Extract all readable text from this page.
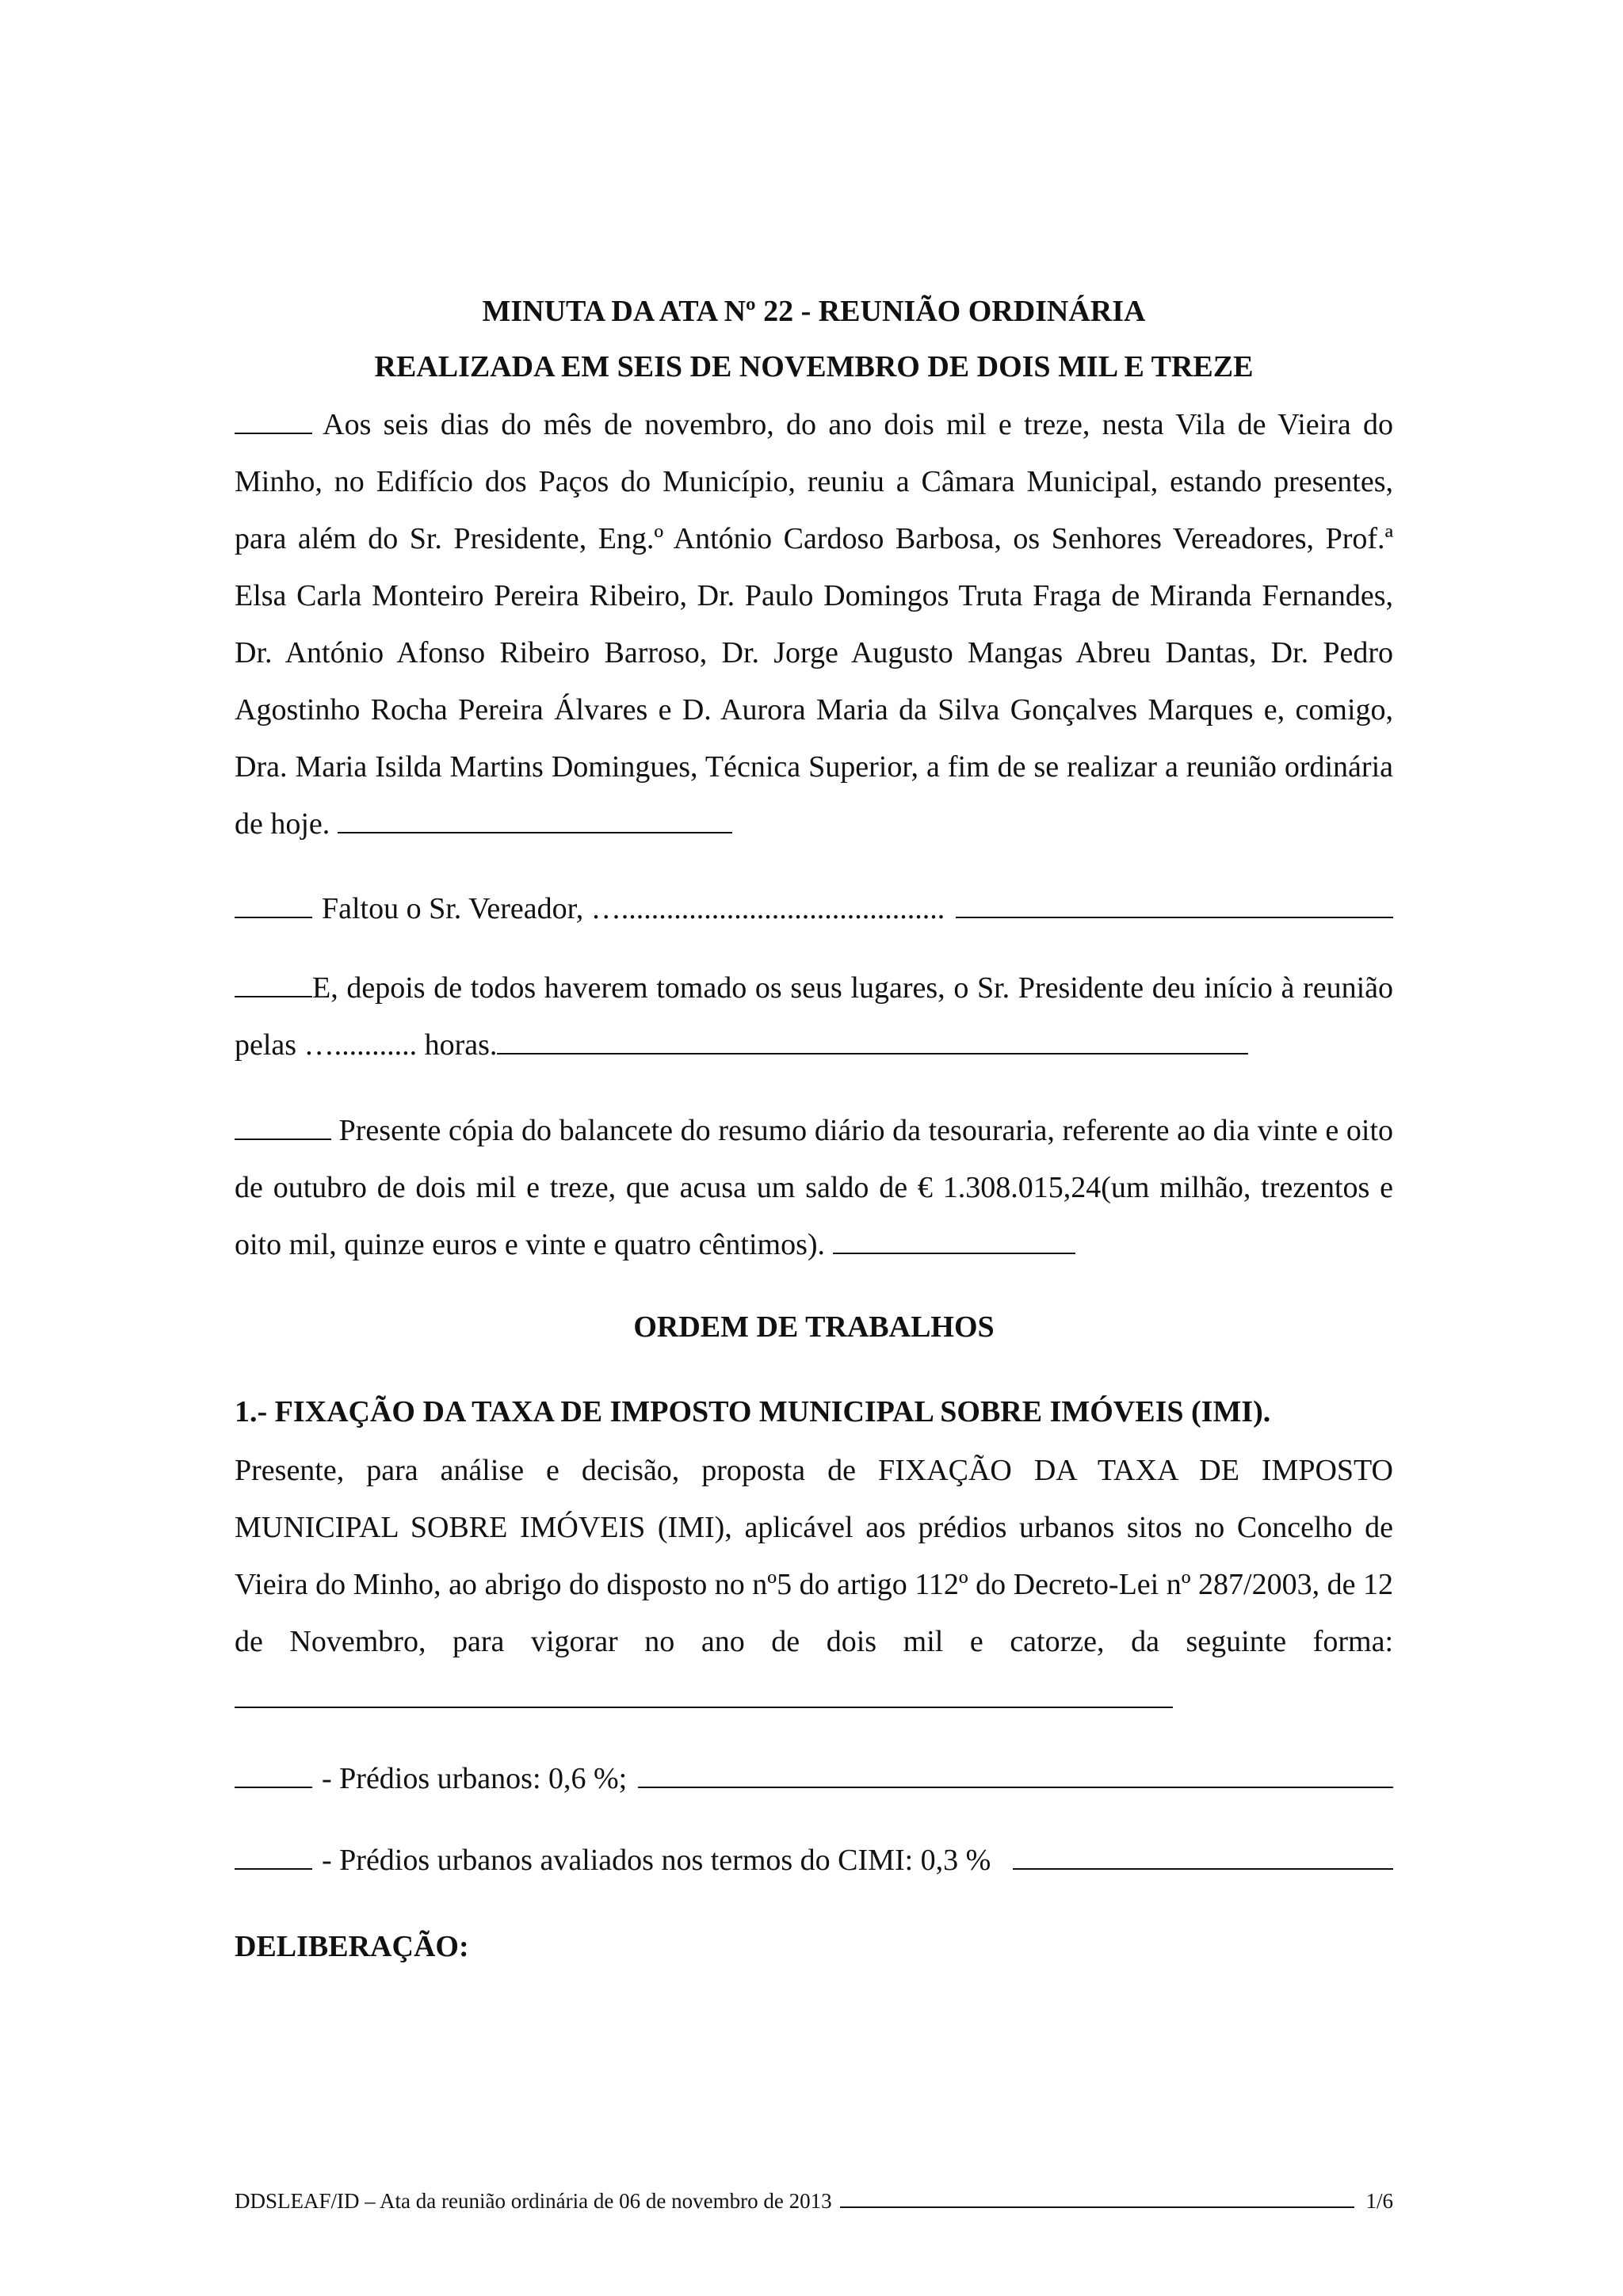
MINUTA DA ATA Nº 22 - REUNIÃO ORDINÁRIA
REALIZADA EM SEIS DE NOVEMBRO DE DOIS MIL E TREZE

Aos seis dias do mês de novembro, do ano dois mil e treze, nesta Vila de Vieira do Minho, no Edifício dos Paços do Município, reuniu a Câmara Municipal, estando presentes, para além do Sr. Presidente, Eng.º António Cardoso Barbosa, os Senhores Vereadores, Prof.ª Elsa Carla Monteiro Pereira Ribeiro, Dr. Paulo Domingos Truta Fraga de Miranda Fernandes, Dr. António Afonso Ribeiro Barroso, Dr. Jorge Augusto Mangas Abreu Dantas, Dr. Pedro Agostinho Rocha Pereira Álvares e D. Aurora Maria da Silva Gonçalves Marques e, comigo, Dra. Maria Isilda Martins Domingues, Técnica Superior, a fim de se realizar a reunião ordinária de hoje.

Faltou o Sr. Vereador, …...........................................

E, depois de todos haverem tomado os seus lugares, o Sr. Presidente deu início à reunião pelas …........... horas.

Presente cópia do balancete do resumo diário da tesouraria, referente ao dia vinte e oito de outubro de dois mil e treze, que acusa um saldo de € 1.308.015,24(um milhão, trezentos e oito mil, quinze euros e vinte e quatro cêntimos).

ORDEM DE TRABALHOS
1.- FIXAÇÃO DA TAXA DE IMPOSTO MUNICIPAL SOBRE IMÓVEIS (IMI).

Presente, para análise e decisão, proposta de FIXAÇÃO DA TAXA DE IMPOSTO MUNICIPAL SOBRE IMÓVEIS (IMI), aplicável aos prédios urbanos sitos no Concelho de Vieira do Minho, ao abrigo do disposto no nº5 do artigo 112º do Decreto-Lei nº 287/2003, de 12 de Novembro, para vigorar no ano de dois mil e catorze, da seguinte forma:

- Prédios urbanos: 0,6 %;
- Prédios urbanos avaliados nos termos do CIMI: 0,3 %
DELIBERAÇÃO:
DDSLEAF/ID – Ata da reunião ordinária de 06 de novembro de 2013	1/6
